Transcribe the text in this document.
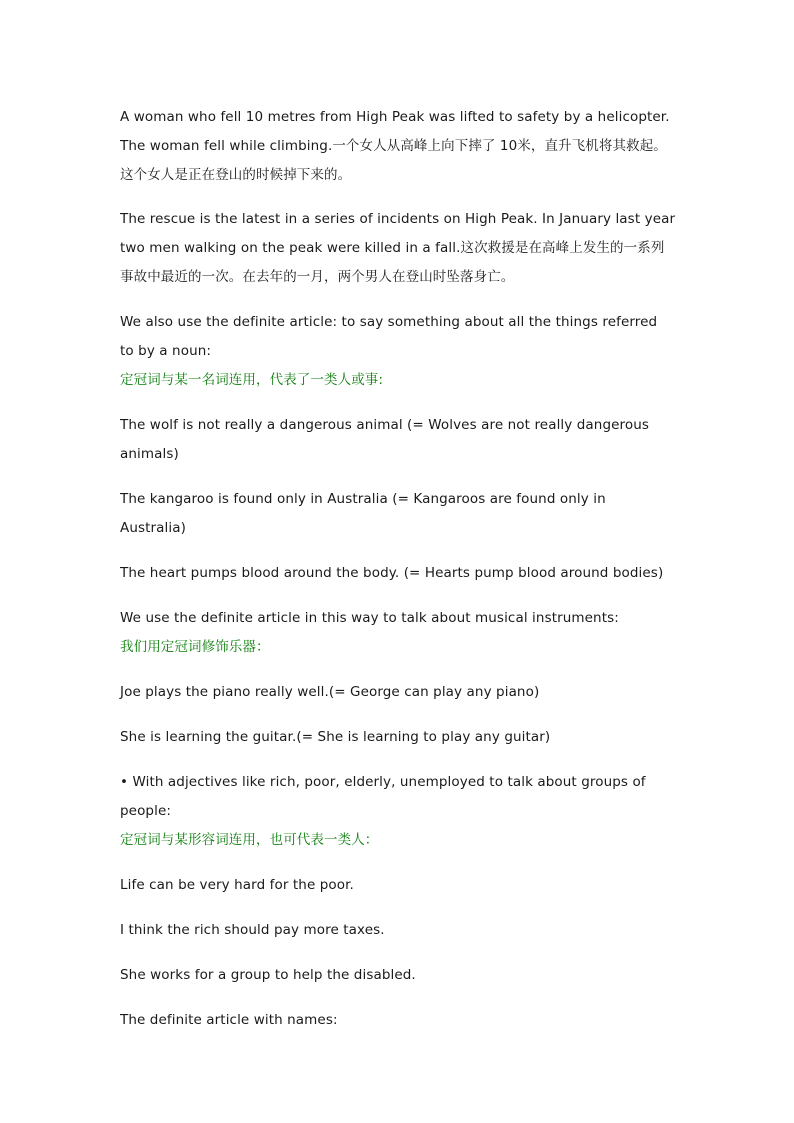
A woman who fell 10 metres from High Peak was lifted to safety by a helicopter.
The woman fell while climbing.一个女人从高峰上向下摔了 10米，直升飞机将其救起。
这个女人是正在登山的时候掉下来的。

The rescue is the latest in a series of incidents on High Peak. In January last year
two men walking on the peak were killed in a fall.这次救援是在高峰上发生的一系列
事故中最近的一次。在去年的一月，两个男人在登山时坠落身亡。

We also use the definite article: to say something about all the things referred
to by a noun:
定冠词与某一名词连用，代表了一类人或事:

The wolf is not really a dangerous animal (= Wolves are not really dangerous
animals)

The kangaroo is found only in Australia (= Kangaroos are found only in
Australia)

The heart pumps blood around the body. (= Hearts pump blood around bodies)

We use the definite article in this way to talk about musical instruments:
我们用定冠词修饰乐器：

Joe plays the piano really well.(= George can play any piano)

She is learning the guitar.(= She is learning to play any guitar)

• With adjectives like rich, poor, elderly, unemployed to talk about groups of
people:
定冠词与某形容词连用，也可代表一类人：

Life can be very hard for the poor.

I think the rich should pay more taxes.

She works for a group to help the disabled.

The definite article with names:
